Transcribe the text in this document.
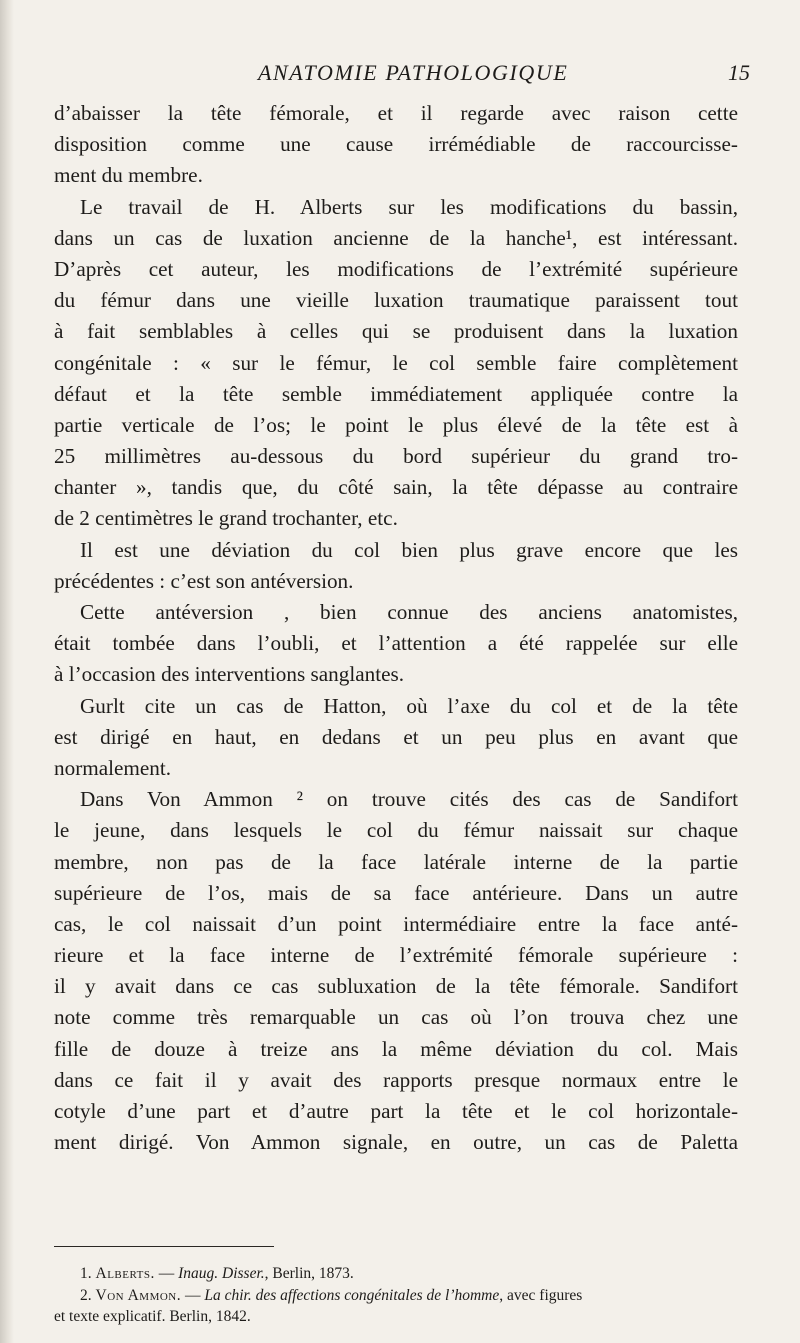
ANATOMIE PATHOLOGIQUE	15
d’abaisser la tête fémorale, et il regarde avec raison cette
disposition comme une cause irrémédiable de raccourcisse-
ment du membre.
Le travail de H. Alberts sur les modifications du bassin,
dans un cas de luxation ancienne de la hanche¹, est intéressant.
D’après cet auteur, les modifications de l’extrémité supérieure
du fémur dans une vieille luxation traumatique paraissent tout
à fait semblables à celles qui se produisent dans la luxation
congénitale : « sur le fémur, le col semble faire complètement
défaut et la tête semble immédiatement appliquée contre la
partie verticale de l’os; le point le plus élevé de la tête est à
25 millimètres au-dessous du bord supérieur du grand tro-
chanter », tandis que, du côté sain, la tête dépasse au contraire
de 2 centimètres le grand trochanter, etc.
Il est une déviation du col bien plus grave encore que les
précédentes : c’est son antéversion.
Cette antéversion , bien connue des anciens anatomistes,
était tombée dans l’oubli, et l’attention a été rappelée sur elle
à l’occasion des interventions sanglantes.
Gurlt cite un cas de Hatton, où l’axe du col et de la tête
est dirigé en haut, en dedans et un peu plus en avant que
normalement.
Dans Von Ammon ² on trouve cités des cas de Sandifort
le jeune, dans lesquels le col du fémur naissait sur chaque
membre, non pas de la face latérale interne de la partie
supérieure de l’os, mais de sa face antérieure. Dans un autre
cas, le col naissait d’un point intermédiaire entre la face anté-
rieure et la face interne de l’extrémité fémorale supérieure :
il y avait dans ce cas subluxation de la tête fémorale. Sandifort
note comme très remarquable un cas où l’on trouva chez une
fille de douze à treize ans la même déviation du col. Mais
dans ce fait il y avait des rapports presque normaux entre le
cotyle d’une part et d’autre part la tête et le col horizontale-
ment dirigé. Von Ammon signale, en outre, un cas de Paletta
1. Alberts. — Inaug. Disser., Berlin, 1873.
2. Von Ammon. — La chir. des affections congénitales de l’homme, avec figures
et texte explicatif. Berlin, 1842.
